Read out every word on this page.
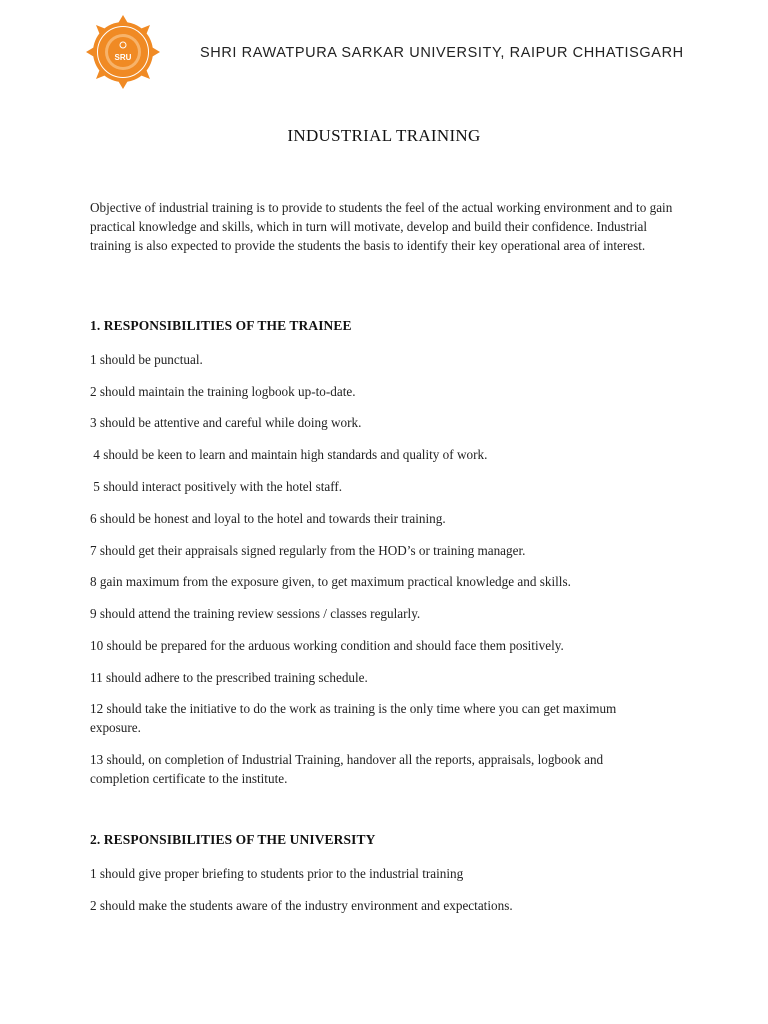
SRU	SHRI RAWATPURA SARKAR UNIVERSITY, RAIPUR CHHATISGARH
INDUSTRIAL TRAINING
Objective of industrial training is to provide to students the feel of the actual working environment and to gain practical knowledge and skills, which in turn will motivate, develop and build their confidence. Industrial training is also expected to provide the students the basis to identify their key operational area of interest.
1. RESPONSIBILITIES OF THE TRAINEE
1 should be punctual.
2 should maintain the training logbook up-to-date.
3 should be attentive and careful while doing work.
4 should be keen to learn and maintain high standards and quality of work.
5 should interact positively with the hotel staff.
6 should be honest and loyal to the hotel and towards their training.
7 should get their appraisals signed regularly from the HOD’s or training manager.
8 gain maximum from the exposure given, to get maximum practical knowledge and skills.
9 should attend the training review sessions / classes regularly.
10 should be prepared for the arduous working condition and should face them positively.
11 should adhere to the prescribed training schedule.
12 should take the initiative to do the work as training is the only time where you can get maximum exposure.
13 should, on completion of Industrial Training, handover all the reports, appraisals, logbook and completion certificate to the institute.
2. RESPONSIBILITIES OF THE UNIVERSITY
1 should give proper briefing to students prior to the industrial training
2 should make the students aware of the industry environment and expectations.
